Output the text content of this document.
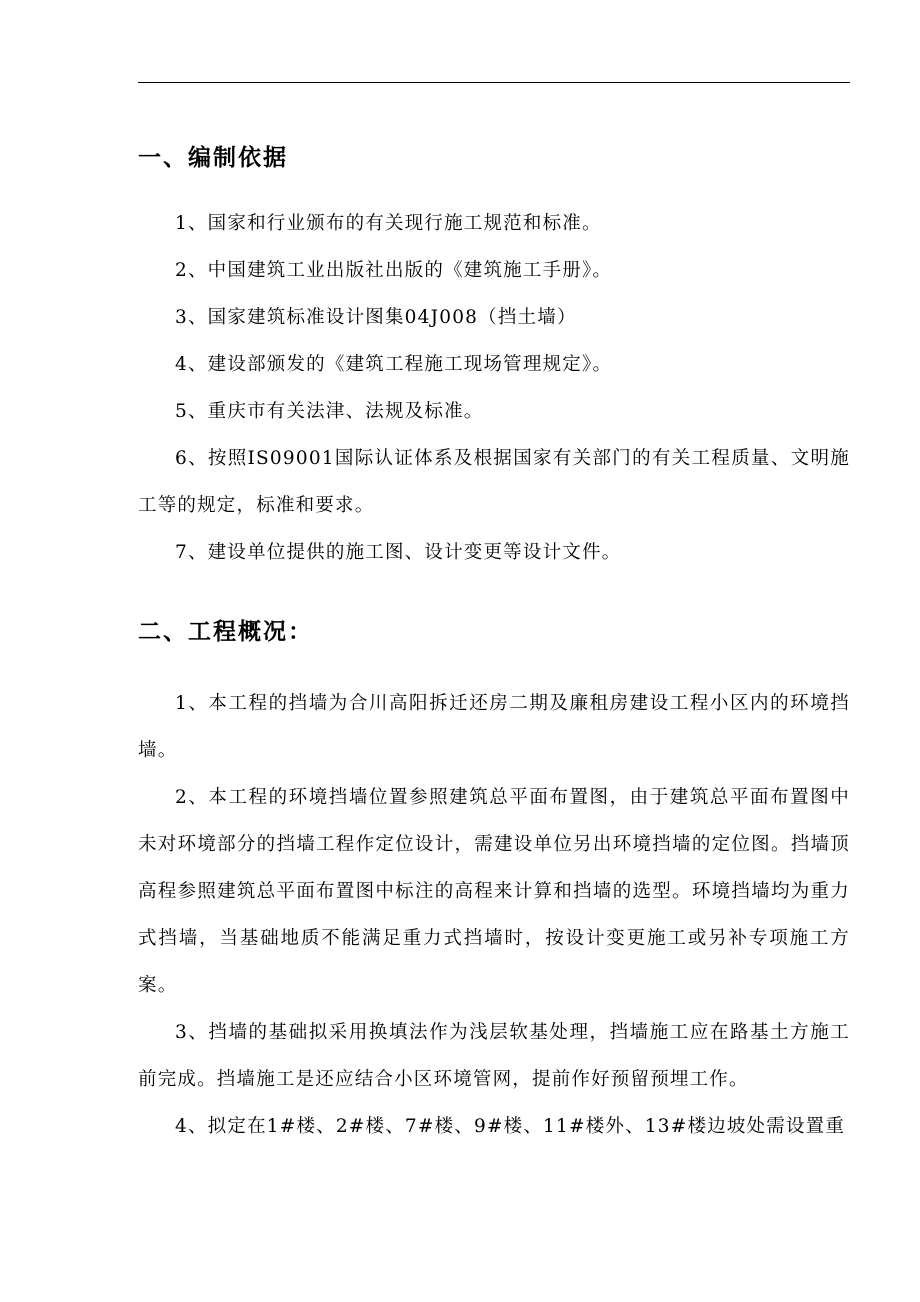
一、编制依据

1、国家和行业颁布的有关现行施工规范和标准。

2、中国建筑工业出版社出版的《建筑施工手册》。

3、国家建筑标准设计图集04J008（挡土墙）

4、建设部颁发的《建筑工程施工现场管理规定》。

5、重庆市有关法津、法规及标准。

6、按照IS09001国际认证体系及根据国家有关部门的有关工程质量、文明施工等的规定，标准和要求。

7、建设单位提供的施工图、设计变更等设计文件。

二、工程概况：

1、本工程的挡墙为合川高阳拆迁还房二期及廉租房建设工程小区内的环境挡墙。

2、本工程的环境挡墙位置参照建筑总平面布置图，由于建筑总平面布置图中未对环境部分的挡墙工程作定位设计，需建设单位另出环境挡墙的定位图。挡墙顶高程参照建筑总平面布置图中标注的高程来计算和挡墙的选型。环境挡墙均为重力式挡墙，当基础地质不能满足重力式挡墙时，按设计变更施工或另补专项施工方案。

3、挡墙的基础拟采用换填法作为浅层软基处理，挡墙施工应在路基土方施工前完成。挡墙施工是还应结合小区环境管网，提前作好预留预埋工作。

4、拟定在1#楼、2#楼、7#楼、9#楼、11#楼外、13#楼边坡处需设置重
